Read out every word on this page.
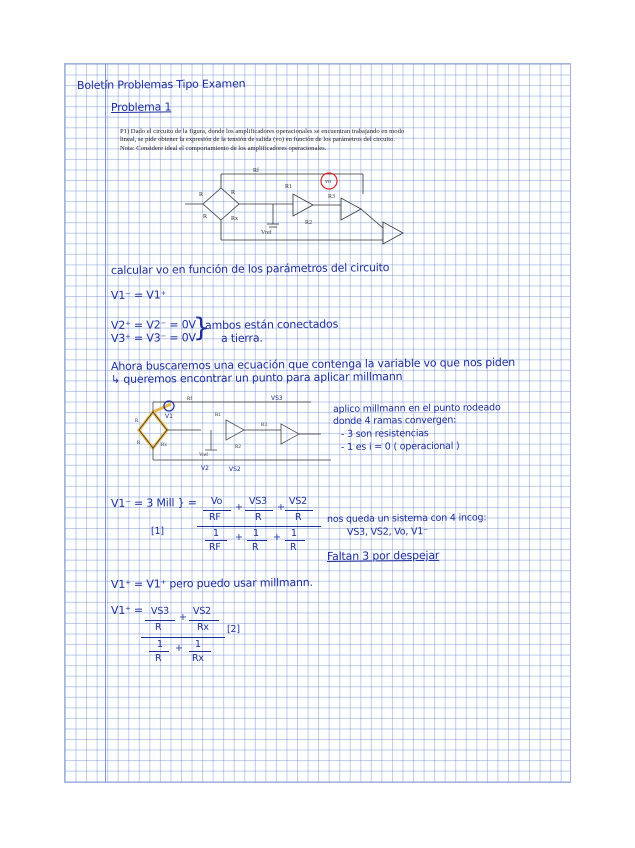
Boletín Problemas Tipo Examen
Problema 1
P1) Dado el circuito de la figura, donde los amplificadores operacionales se encuentran trabajando en modo
lineal, se pide obtener la expresión de la tensión de salida (vo) en función de los parámetros del circuito.
Nota: Considere ideal el comportamiento de los amplificadores operacionales.
vo
R1
R2
R3
Rf
R
R	Rx
Vref
R
calcular vo en función de los parámetros del circuito
V1⁻ = V1⁺
V2⁺ = V2⁻ = 0V
V3⁺ = V3⁻ = 0V
}
ambos están conectados
a tierra.
Ahora buscaremos una ecuación que contenga la variable vo que nos piden
↳ queremos encontrar un punto para aplicar millmann
VS3
VS2
V1
V2
Rf
R
R	Rx
Vref
R1
R2
R3
aplico millmann en el punto rodeado
donde 4 ramas convergen:
- 3 son resistencias
- 1 es i = 0 ( operacional )
V1⁻ = 3 Mill } =
[1]
Vo
RF
+
VS3
R
+
VS2
R
1
RF
+ 1
R
+ 1
R
nos queda un sistema con 4 incog:
VS3, VS2, Vo, V1⁻
Faltan 3 por despejar
V1⁺ = V1⁺ pero puedo usar millmann.
V1⁺ = VS3
R
+
VS2
Rx [2]
1
R
+ 1
Rx
